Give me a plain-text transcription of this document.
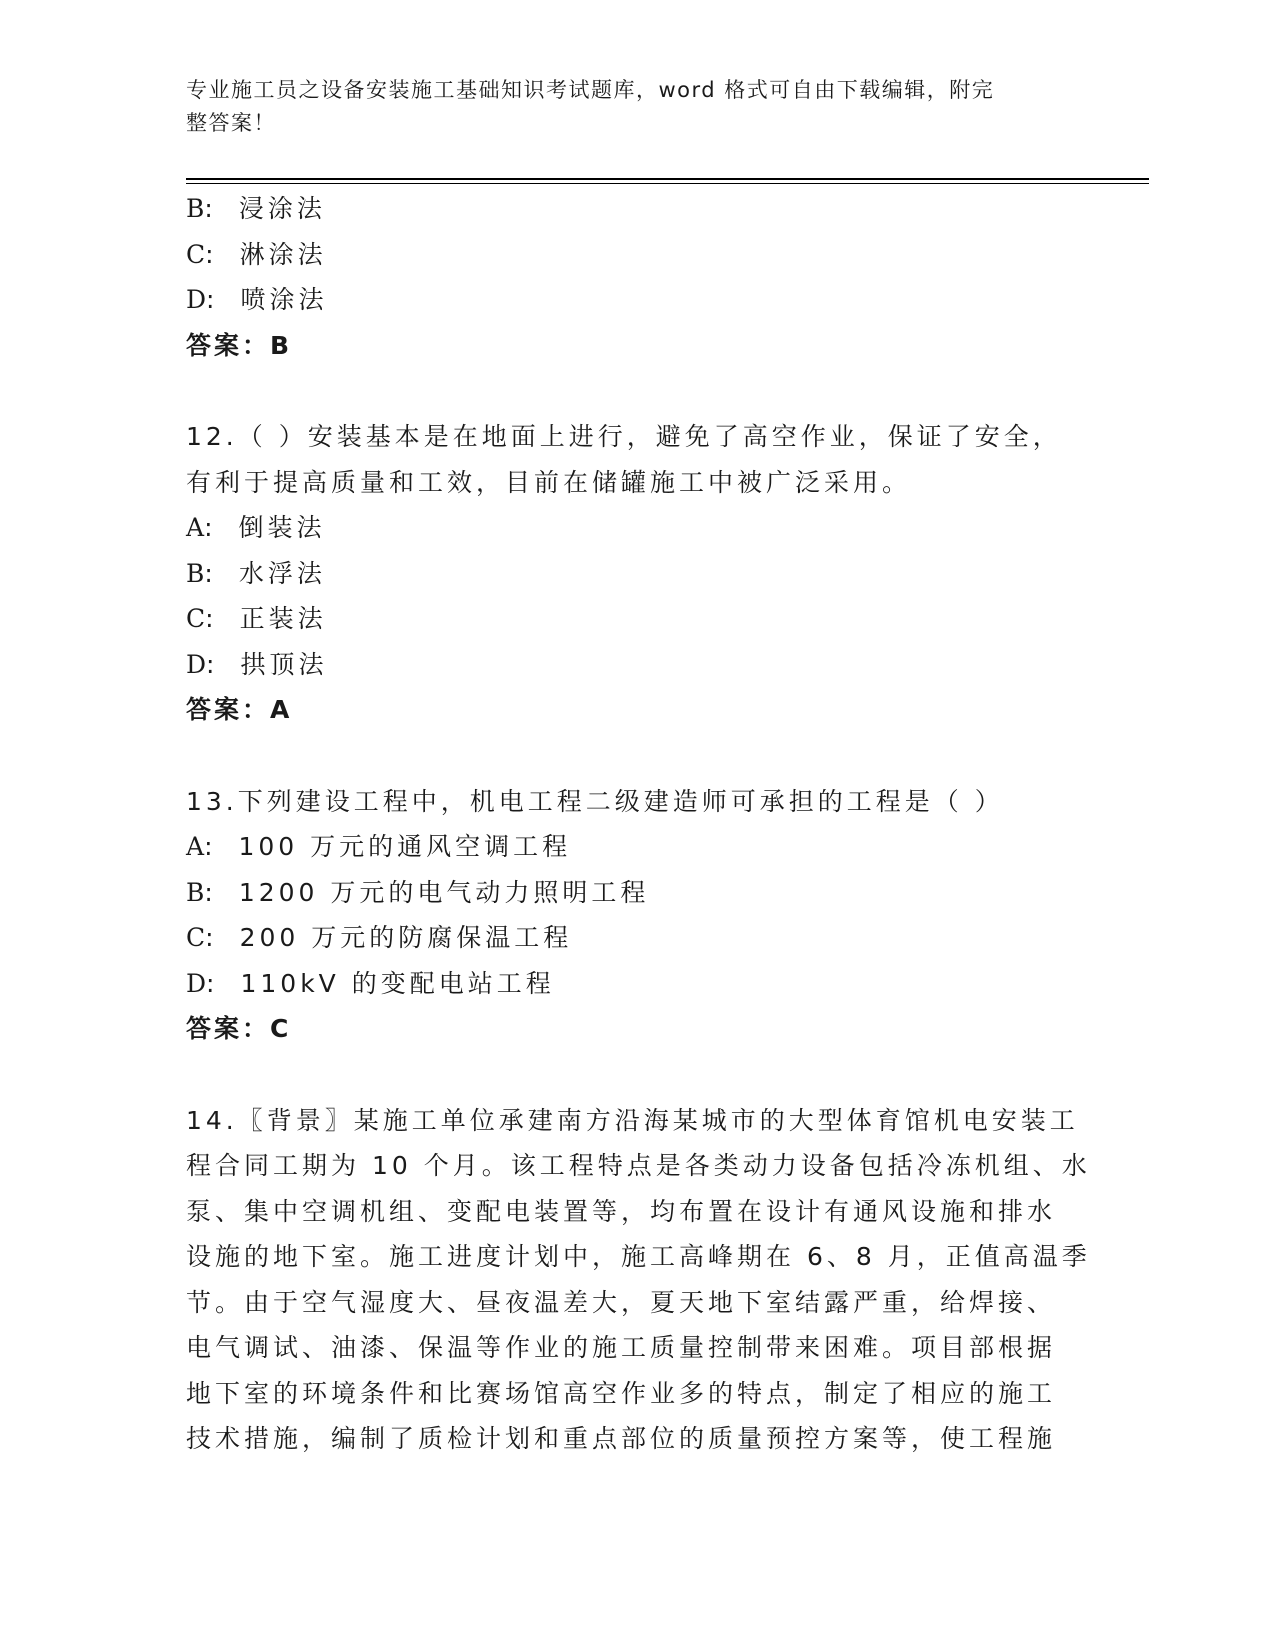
专业施工员之设备安装施工基础知识考试题库，word 格式可自由下载编辑，附完
整答案！
B: 浸涂法
C: 淋涂法
D: 喷涂法
答案：B
12.（ ）安装基本是在地面上进行，避免了高空作业，保证了安全，
有利于提高质量和工效，目前在储罐施工中被广泛采用。
A: 倒装法
B: 水浮法
C: 正装法
D: 拱顶法
答案：A
13.下列建设工程中，机电工程二级建造师可承担的工程是（ ）
A: 100 万元的通风空调工程
B: 1200 万元的电气动力照明工程
C: 200 万元的防腐保温工程
D: 110kV 的变配电站工程
答案：C
14.〖背景〗某施工单位承建南方沿海某城市的大型体育馆机电安装工
程合同工期为 10 个月。该工程特点是各类动力设备包括冷冻机组、水
泵、集中空调机组、变配电装置等，均布置在设计有通风设施和排水
设施的地下室。施工进度计划中，施工高峰期在 6、8 月，正值高温季
节。由于空气湿度大、昼夜温差大，夏天地下室结露严重，给焊接、
电气调试、油漆、保温等作业的施工质量控制带来困难。项目部根据
地下室的环境条件和比赛场馆高空作业多的特点，制定了相应的施工
技术措施，编制了质检计划和重点部位的质量预控方案等，使工程施
